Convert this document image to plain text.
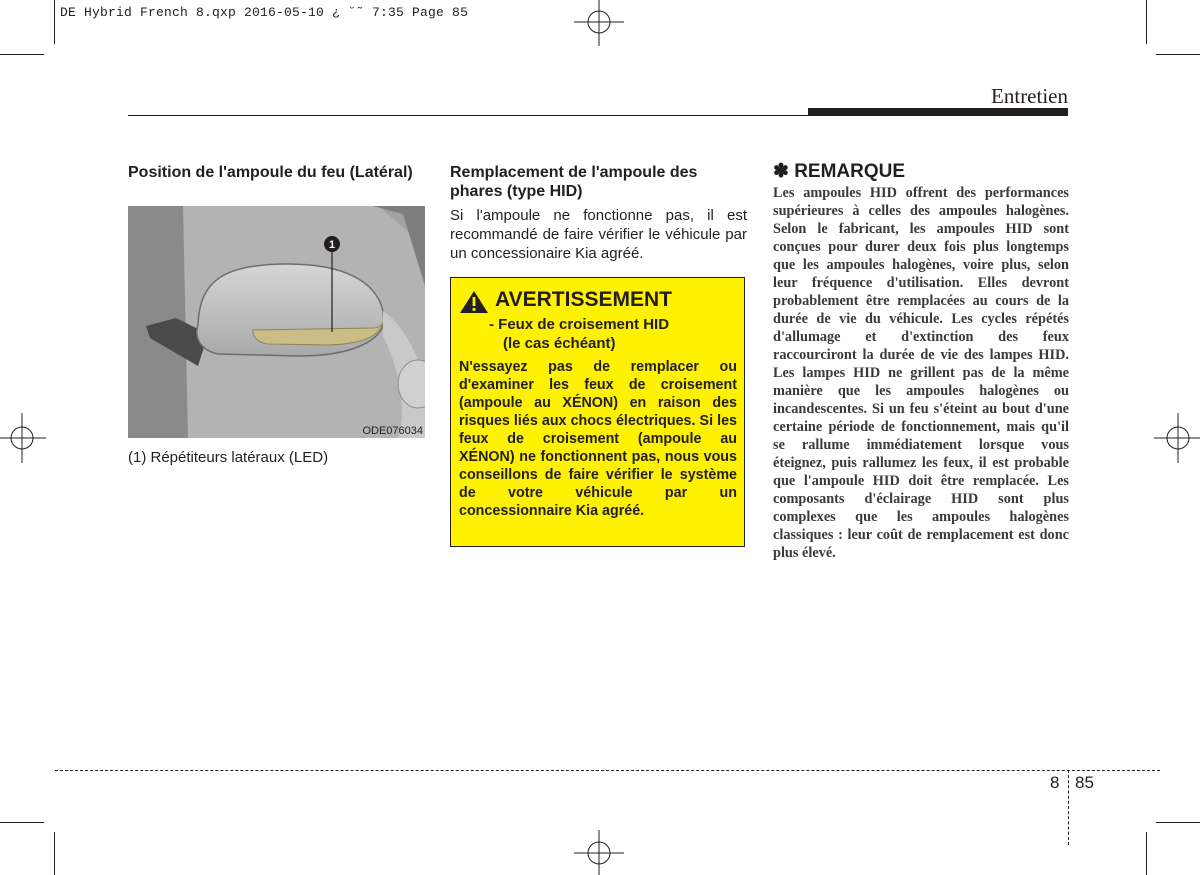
DE Hybrid French 8.qxp 2016-05-10 ¿ ˘˜ 7:35 Page 85
Entretien
Position de l'ampoule du feu (Latéral)
1
ODE076034
(1) Répétiteurs latéraux (LED)
Remplacement de l'ampoule des phares (type HID)
Si l'ampoule ne fonctionne pas, il est recommandé de faire vérifier le véhicule par un concessionaire Kia agréé.
AVERTISSEMENT
- Feux de croisement HID
(le cas échéant)
N'essayez pas de remplacer ou d'examiner les feux de croisement (ampoule au XÉNON) en raison des risques liés aux chocs électriques. Si les feux de croisement (ampoule au XÉNON) ne fonctionnent pas, nous vous conseillons de faire vérifier le système de votre véhicule par un concessionnaire Kia agréé.
✽ REMARQUE
Les ampoules HID offrent des performances supérieures à celles des ampoules halogènes. Selon le fabricant, les ampoules HID sont conçues pour durer deux fois plus longtemps que les ampoules halogènes, voire plus, selon leur fréquence d'utilisation. Elles devront probablement être remplacées au cours de la durée de vie du véhicule. Les cycles répétés d'allumage et d'extinction des feux raccourciront la durée de vie des lampes HID. Les lampes HID ne grillent pas de la même manière que les ampoules halogènes ou incandescentes. Si un feu s'éteint au bout d'une certaine période de fonctionnement, mais qu'il se rallume immédiatement lorsque vous éteignez, puis rallumez les feux, il est probable que l'ampoule HID doit être remplacée. Les composants d'éclairage HID sont plus complexes que les ampoules halogènes classiques : leur coût de remplacement est donc plus élevé.
8 85
